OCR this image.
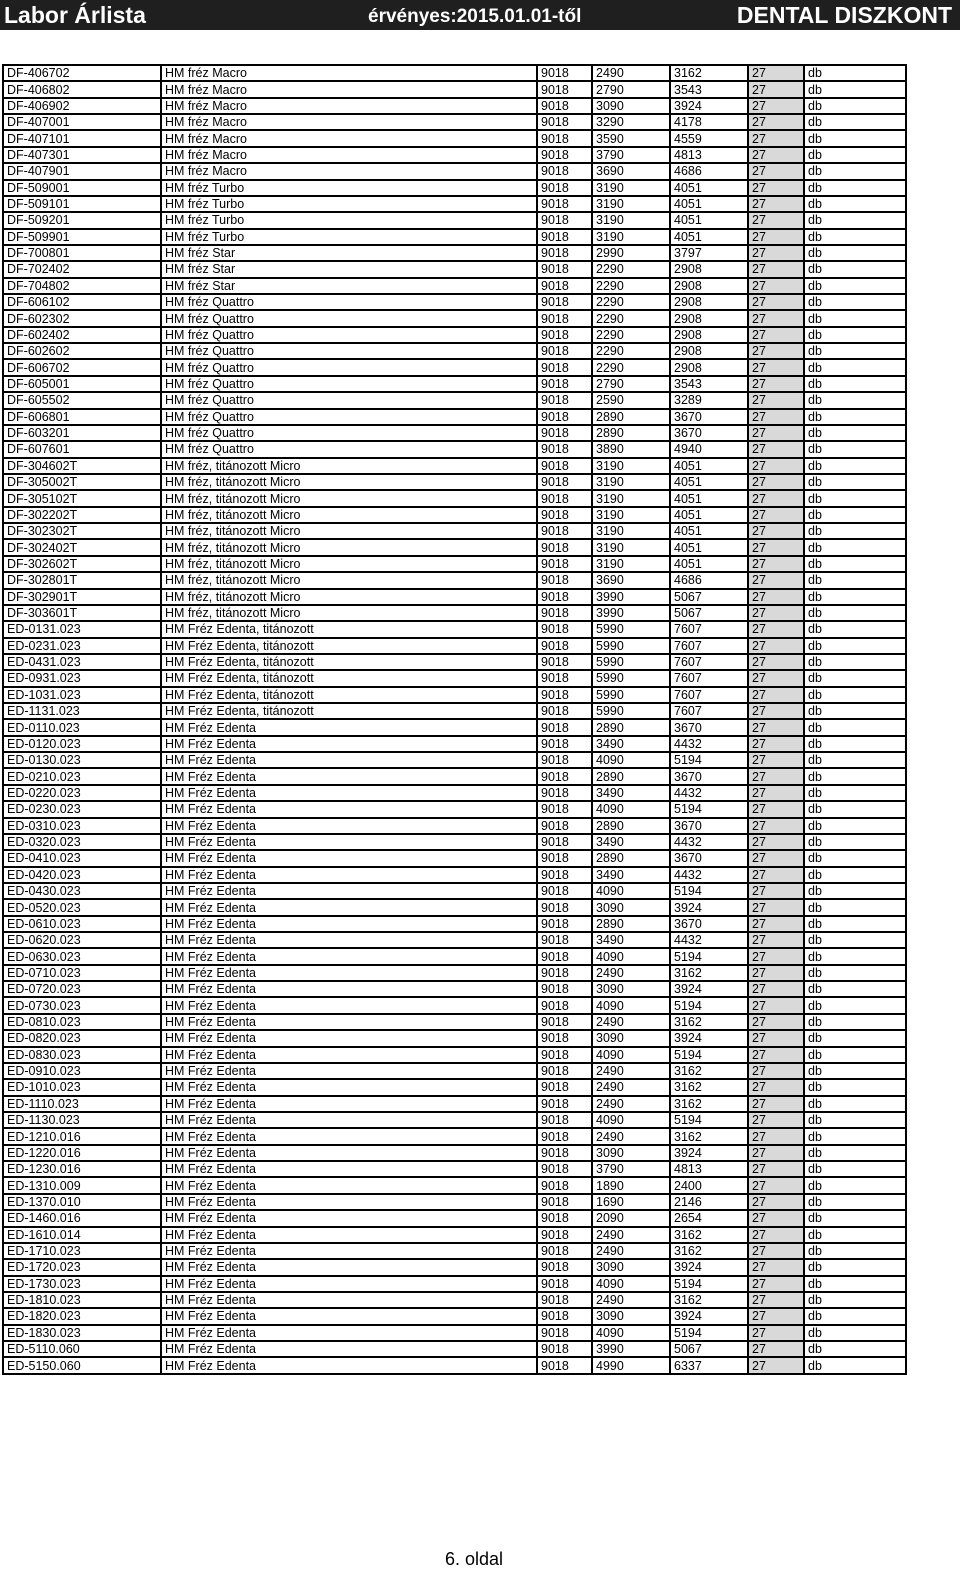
Labor Árlista	érvényes:2015.01.01-től	DENTAL DISZKONT
DF-406702	HM fréz Macro	9018	2490	3162	27	db
DF-406802	HM fréz Macro	9018	2790	3543	27	db
DF-406902	HM fréz Macro	9018	3090	3924	27	db
DF-407001	HM fréz Macro	9018	3290	4178	27	db
DF-407101	HM fréz Macro	9018	3590	4559	27	db
DF-407301	HM fréz Macro	9018	3790	4813	27	db
DF-407901	HM fréz Macro	9018	3690	4686	27	db
DF-509001	HM fréz Turbo	9018	3190	4051	27	db
DF-509101	HM fréz Turbo	9018	3190	4051	27	db
DF-509201	HM fréz Turbo	9018	3190	4051	27	db
DF-509901	HM fréz Turbo	9018	3190	4051	27	db
DF-700801	HM fréz Star	9018	2990	3797	27	db
DF-702402	HM fréz Star	9018	2290	2908	27	db
DF-704802	HM fréz Star	9018	2290	2908	27	db
DF-606102	HM fréz Quattro	9018	2290	2908	27	db
DF-602302	HM fréz Quattro	9018	2290	2908	27	db
DF-602402	HM fréz Quattro	9018	2290	2908	27	db
DF-602602	HM fréz Quattro	9018	2290	2908	27	db
DF-606702	HM fréz Quattro	9018	2290	2908	27	db
DF-605001	HM fréz Quattro	9018	2790	3543	27	db
DF-605502	HM fréz Quattro	9018	2590	3289	27	db
DF-606801	HM fréz Quattro	9018	2890	3670	27	db
DF-603201	HM fréz Quattro	9018	2890	3670	27	db
DF-607601	HM fréz Quattro	9018	3890	4940	27	db
DF-304602T	HM fréz, titánozott Micro	9018	3190	4051	27	db
DF-305002T	HM fréz, titánozott Micro	9018	3190	4051	27	db
DF-305102T	HM fréz, titánozott Micro	9018	3190	4051	27	db
DF-302202T	HM fréz, titánozott Micro	9018	3190	4051	27	db
DF-302302T	HM fréz, titánozott Micro	9018	3190	4051	27	db
DF-302402T	HM fréz, titánozott Micro	9018	3190	4051	27	db
DF-302602T	HM fréz, titánozott Micro	9018	3190	4051	27	db
DF-302801T	HM fréz, titánozott Micro	9018	3690	4686	27	db
DF-302901T	HM fréz, titánozott Micro	9018	3990	5067	27	db
DF-303601T	HM fréz, titánozott Micro	9018	3990	5067	27	db
ED-0131.023	HM Fréz Edenta, titánozott	9018	5990	7607	27	db
ED-0231.023	HM Fréz Edenta, titánozott	9018	5990	7607	27	db
ED-0431.023	HM Fréz Edenta, titánozott	9018	5990	7607	27	db
ED-0931.023	HM Fréz Edenta, titánozott	9018	5990	7607	27	db
ED-1031.023	HM Fréz Edenta, titánozott	9018	5990	7607	27	db
ED-1131.023	HM Fréz Edenta, titánozott	9018	5990	7607	27	db
ED-0110.023	HM Fréz Edenta	9018	2890	3670	27	db
ED-0120.023	HM Fréz Edenta	9018	3490	4432	27	db
ED-0130.023	HM Fréz Edenta	9018	4090	5194	27	db
ED-0210.023	HM Fréz Edenta	9018	2890	3670	27	db
ED-0220.023	HM Fréz Edenta	9018	3490	4432	27	db
ED-0230.023	HM Fréz Edenta	9018	4090	5194	27	db
ED-0310.023	HM Fréz Edenta	9018	2890	3670	27	db
ED-0320.023	HM Fréz Edenta	9018	3490	4432	27	db
ED-0410.023	HM Fréz Edenta	9018	2890	3670	27	db
ED-0420.023	HM Fréz Edenta	9018	3490	4432	27	db
ED-0430.023	HM Fréz Edenta	9018	4090	5194	27	db
ED-0520.023	HM Fréz Edenta	9018	3090	3924	27	db
ED-0610.023	HM Fréz Edenta	9018	2890	3670	27	db
ED-0620.023	HM Fréz Edenta	9018	3490	4432	27	db
ED-0630.023	HM Fréz Edenta	9018	4090	5194	27	db
ED-0710.023	HM Fréz Edenta	9018	2490	3162	27	db
ED-0720.023	HM Fréz Edenta	9018	3090	3924	27	db
ED-0730.023	HM Fréz Edenta	9018	4090	5194	27	db
ED-0810.023	HM Fréz Edenta	9018	2490	3162	27	db
ED-0820.023	HM Fréz Edenta	9018	3090	3924	27	db
ED-0830.023	HM Fréz Edenta	9018	4090	5194	27	db
ED-0910.023	HM Fréz Edenta	9018	2490	3162	27	db
ED-1010.023	HM Fréz Edenta	9018	2490	3162	27	db
ED-1110.023	HM Fréz Edenta	9018	2490	3162	27	db
ED-1130.023	HM Fréz Edenta	9018	4090	5194	27	db
ED-1210.016	HM Fréz Edenta	9018	2490	3162	27	db
ED-1220.016	HM Fréz Edenta	9018	3090	3924	27	db
ED-1230.016	HM Fréz Edenta	9018	3790	4813	27	db
ED-1310.009	HM Fréz Edenta	9018	1890	2400	27	db
ED-1370.010	HM Fréz Edenta	9018	1690	2146	27	db
ED-1460.016	HM Fréz Edenta	9018	2090	2654	27	db
ED-1610.014	HM Fréz Edenta	9018	2490	3162	27	db
ED-1710.023	HM Fréz Edenta	9018	2490	3162	27	db
ED-1720.023	HM Fréz Edenta	9018	3090	3924	27	db
ED-1730.023	HM Fréz Edenta	9018	4090	5194	27	db
ED-1810.023	HM Fréz Edenta	9018	2490	3162	27	db
ED-1820.023	HM Fréz Edenta	9018	3090	3924	27	db
ED-1830.023	HM Fréz Edenta	9018	4090	5194	27	db
ED-5110.060	HM Fréz Edenta	9018	3990	5067	27	db
ED-5150.060	HM Fréz Edenta	9018	4990	6337	27	db
6. oldal
